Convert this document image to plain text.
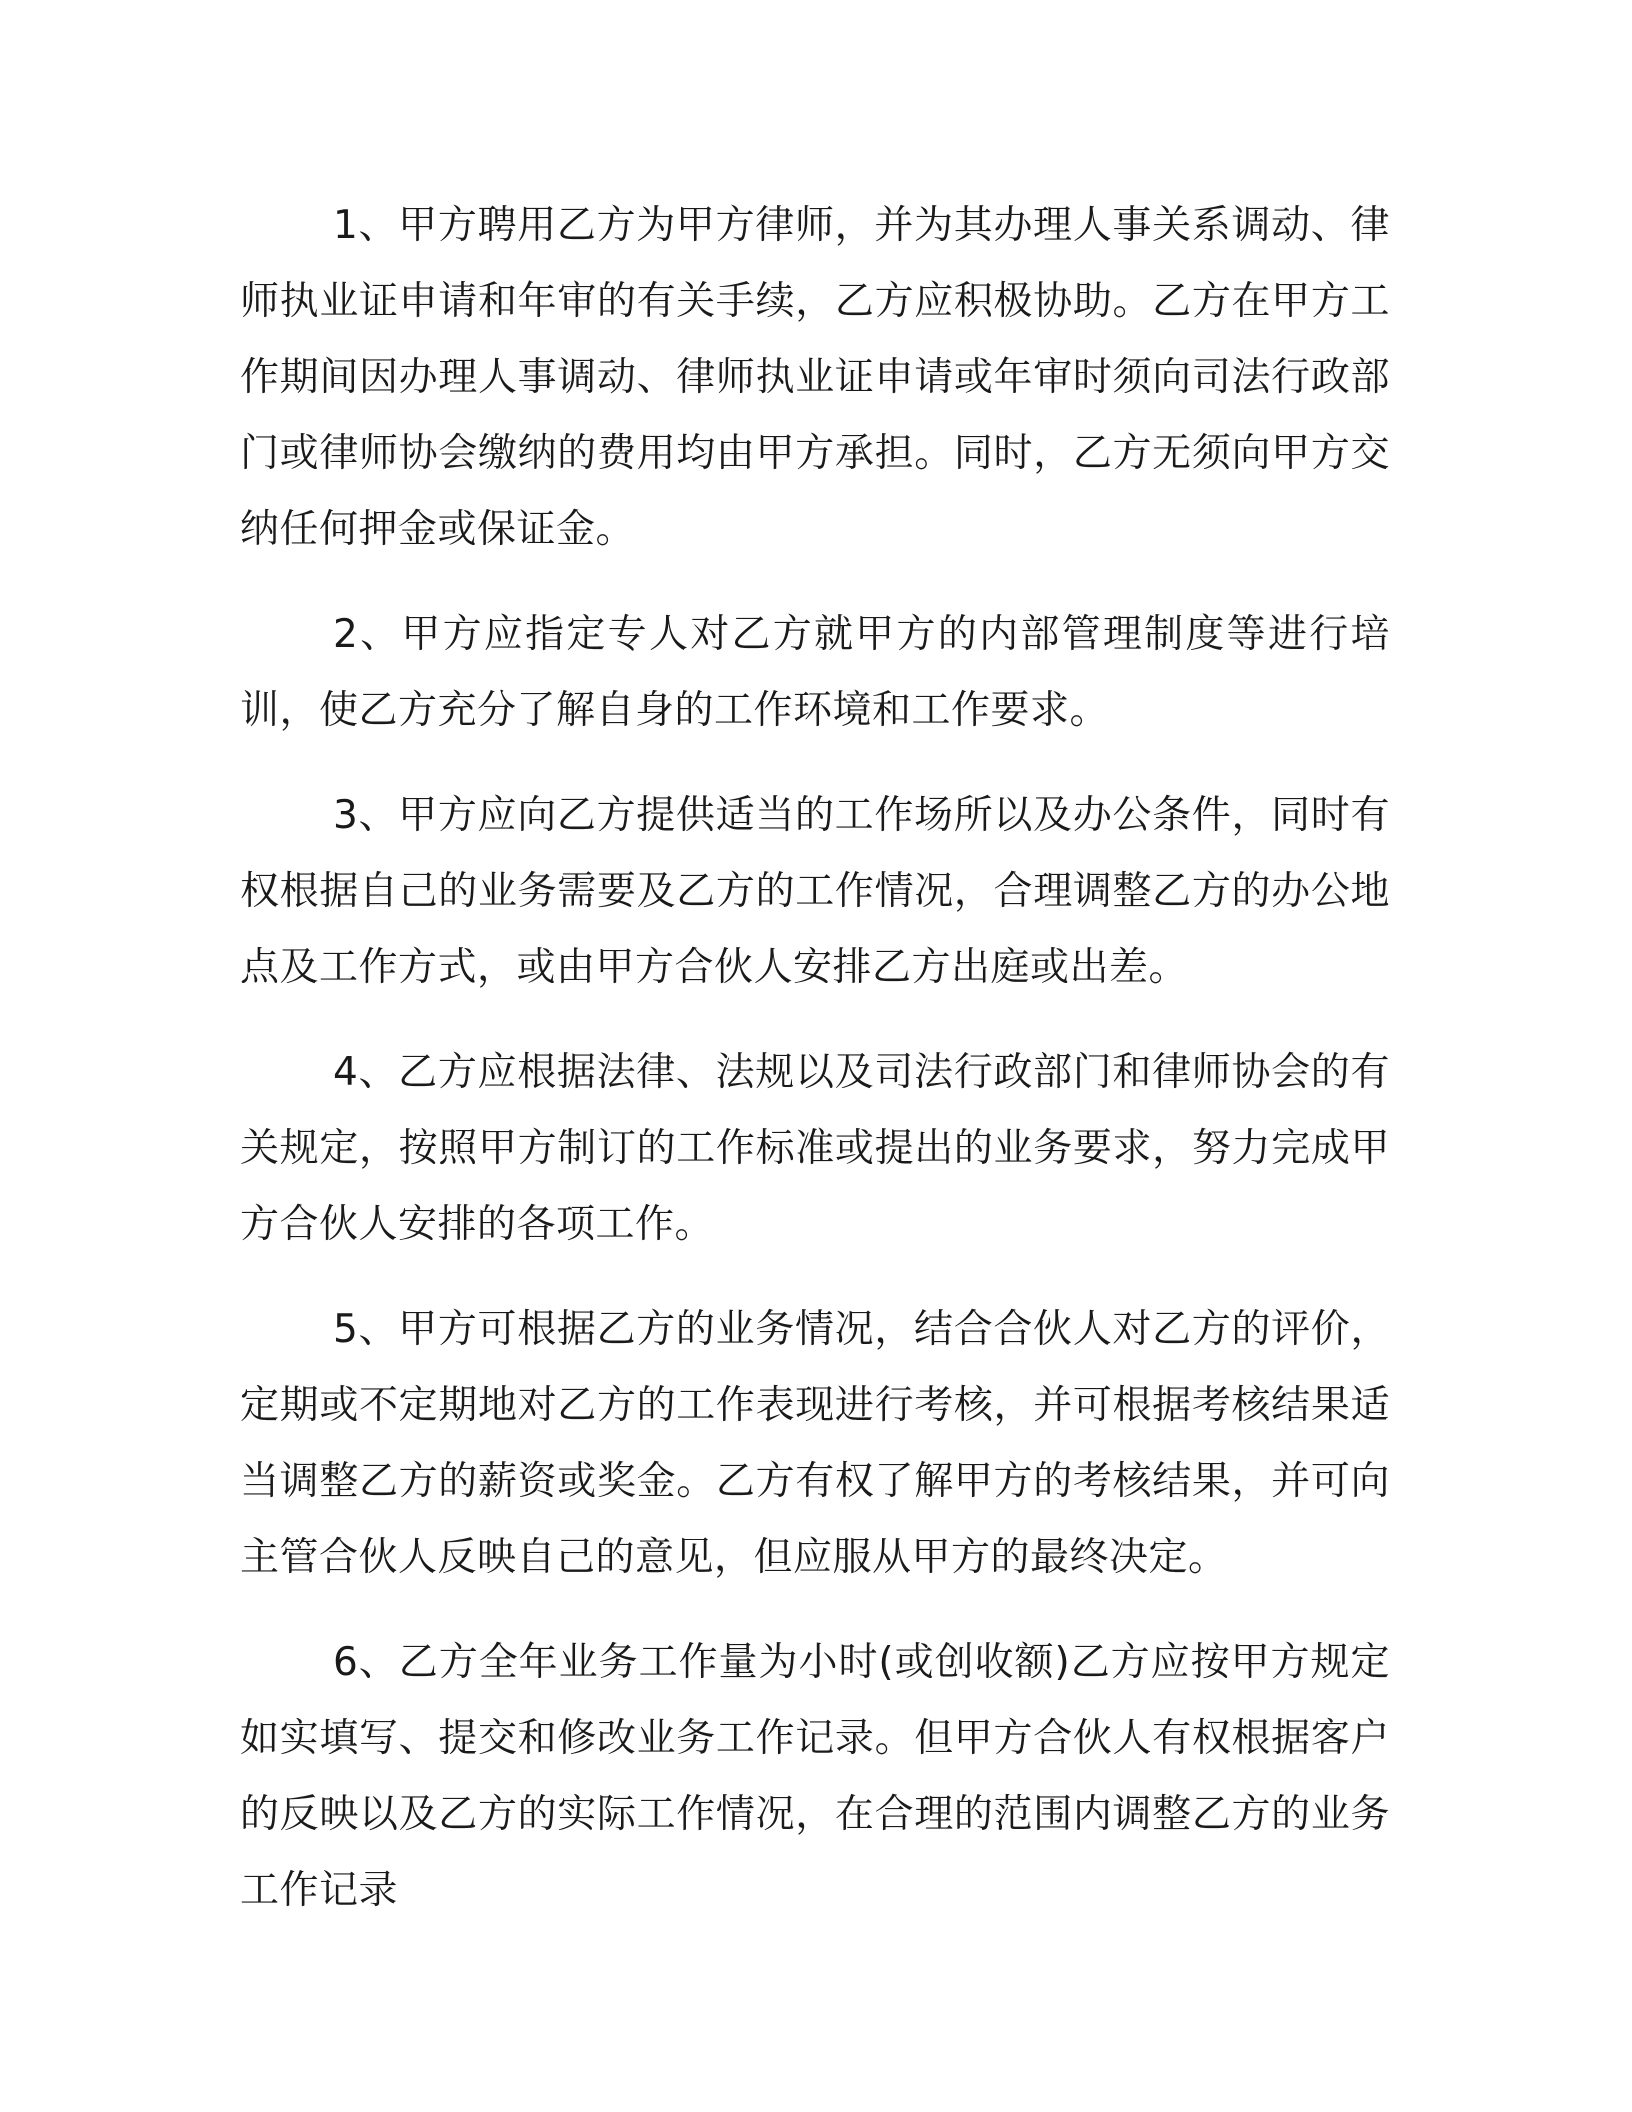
1、甲方聘用乙方为甲方律师，并为其办理人事关系调动、律师执业证申请和年审的有关手续，乙方应积极协助。乙方在甲方工作期间因办理人事调动、律师执业证申请或年审时须向司法行政部门或律师协会缴纳的费用均由甲方承担。同时，乙方无须向甲方交纳任何押金或保证金。

2、甲方应指定专人对乙方就甲方的内部管理制度等进行培训，使乙方充分了解自身的工作环境和工作要求。

3、甲方应向乙方提供适当的工作场所以及办公条件，同时有权根据自己的业务需要及乙方的工作情况，合理调整乙方的办公地点及工作方式，或由甲方合伙人安排乙方出庭或出差。

4、乙方应根据法律、法规以及司法行政部门和律师协会的有关规定，按照甲方制订的工作标准或提出的业务要求，努力完成甲方合伙人安排的各项工作。

5、甲方可根据乙方的业务情况，结合合伙人对乙方的评价，定期或不定期地对乙方的工作表现进行考核，并可根据考核结果适当调整乙方的薪资或奖金。乙方有权了解甲方的考核结果，并可向主管合伙人反映自己的意见，但应服从甲方的最终决定。

6、乙方全年业务工作量为小时(或创收额)乙方应按甲方规定如实填写、提交和修改业务工作记录。但甲方合伙人有权根据客户的反映以及乙方的实际工作情况，在合理的范围内调整乙方的业务工作记录
